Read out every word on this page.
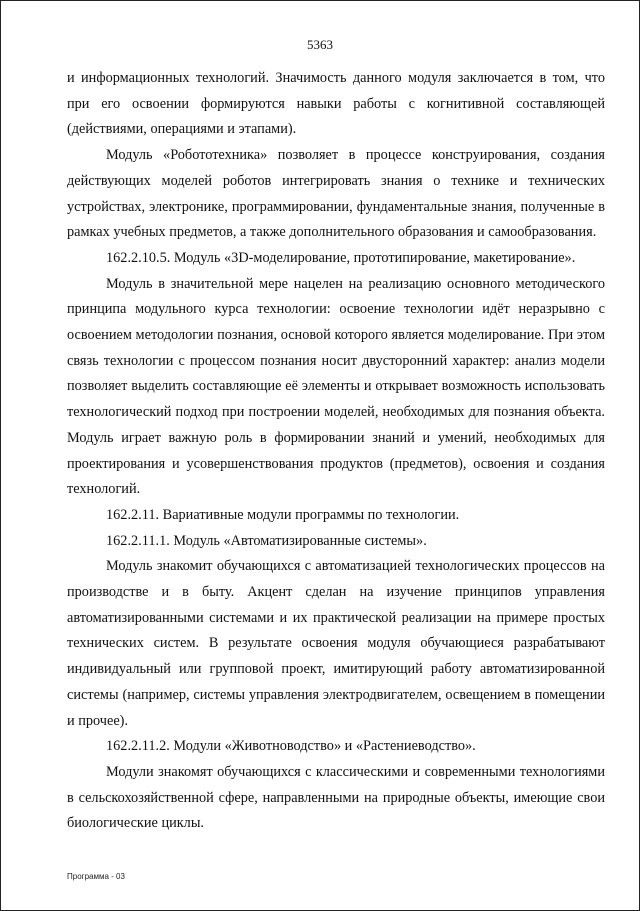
5363

и информационных технологий. Значимость данного модуля заключается в том, что при его освоении формируются навыки работы с когнитивной составляющей (действиями, операциями и этапами).

Модуль «Робототехника» позволяет в процессе конструирования, создания действующих моделей роботов интегрировать знания о технике и технических устройствах, электронике, программировании, фундаментальные знания, полученные в рамках учебных предметов, а также дополнительного образования и самообразования.

162.2.10.5. Модуль «3D-моделирование, прототипирование, макетирование».

Модуль в значительной мере нацелен на реализацию основного методического принципа модульного курса технологии: освоение технологии идёт неразрывно с освоением методологии познания, основой которого является моделирование. При этом связь технологии с процессом познания носит двусторонний характер: анализ модели позволяет выделить составляющие её элементы и открывает возможность использовать технологический подход при построении моделей, необходимых для познания объекта. Модуль играет важную роль в формировании знаний и умений, необходимых для проектирования и усовершенствования продуктов (предметов), освоения и создания технологий.

162.2.11. Вариативные модули программы по технологии.

162.2.11.1. Модуль «Автоматизированные системы».

Модуль знакомит обучающихся с автоматизацией технологических процессов на производстве и в быту. Акцент сделан на изучение принципов управления автоматизированными системами и их практической реализации на примере простых технических систем. В результате освоения модуля обучающиеся разрабатывают индивидуальный или групповой проект, имитирующий работу автоматизированной системы (например, системы управления электродвигателем, освещением в помещении и прочее).

162.2.11.2. Модули «Животноводство» и «Растениеводство».

Модули знакомят обучающихся с классическими и современными технологиями в сельскохозяйственной сфере, направленными на природные объекты, имеющие свои биологические циклы.

Программа - 03
